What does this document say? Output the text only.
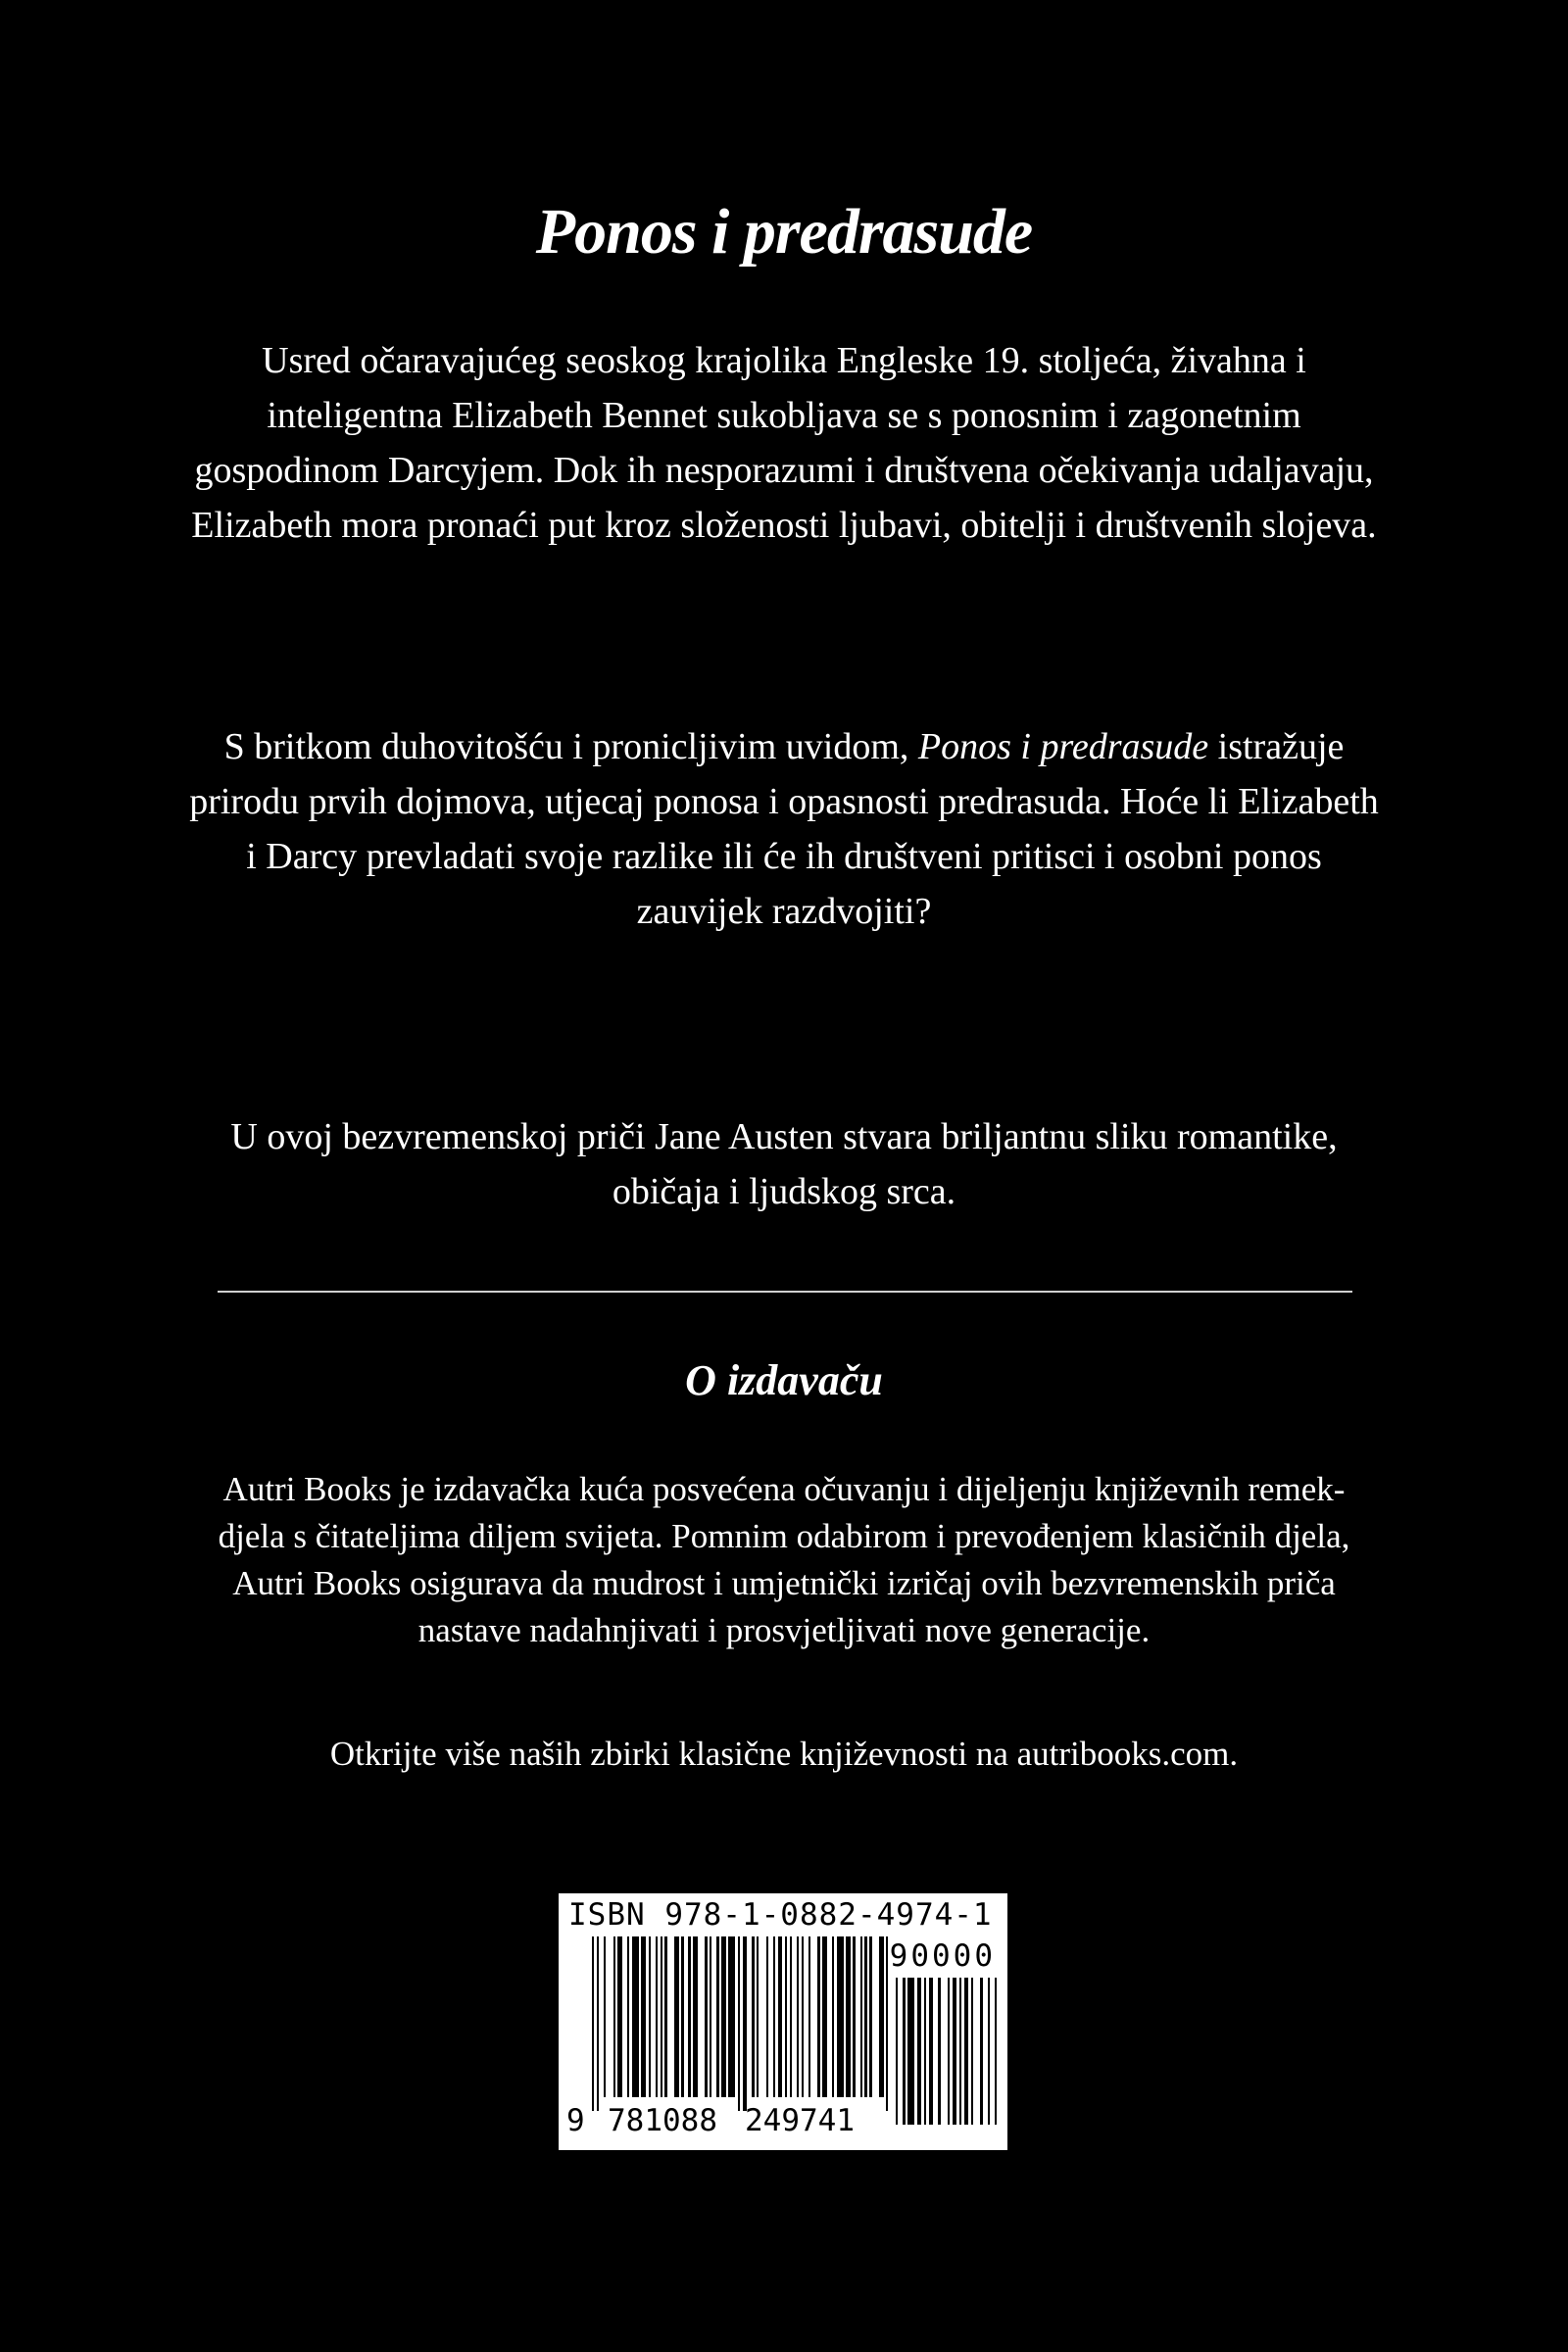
Ponos i predrasude

Usred očaravajućeg seoskog krajolika Engleske 19. stoljeća, živahna i inteligentna Elizabeth Bennet sukobljava se s ponosnim i zagonetnim gospodinom Darcyjem. Dok ih nesporazumi i društvena očekivanja udaljavaju, Elizabeth mora pronaći put kroz složenosti ljubavi, obitelji i društvenih slojeva.

S britkom duhovitošću i pronicljivim uvidom, Ponos i predrasude istražuje prirodu prvih dojmova, utjecaj ponosa i opasnosti predrasuda. Hoće li Elizabeth i Darcy prevladati svoje razlike ili će ih društveni pritisci i osobni ponos zauvijek razdvojiti?

U ovoj bezvremenskoj priči Jane Austen stvara briljantnu sliku romantike, običaja i ljudskog srca.

O izdavaču

Autri Books je izdavačka kuća posvećena očuvanju i dijeljenju književnih remek-djela s čitateljima diljem svijeta. Pomnim odabirom i prevođenjem klasičnih djela, Autri Books osigurava da mudrost i umjetnički izričaj ovih bezvremenskih priča nastave nadahnjivati i prosvjetljivati nove generacije.

Otkrijte više naših zbirki klasične književnosti na autribooks.com.

ISBN 978-1-0882-4974-1
90000
9 781088 249741
